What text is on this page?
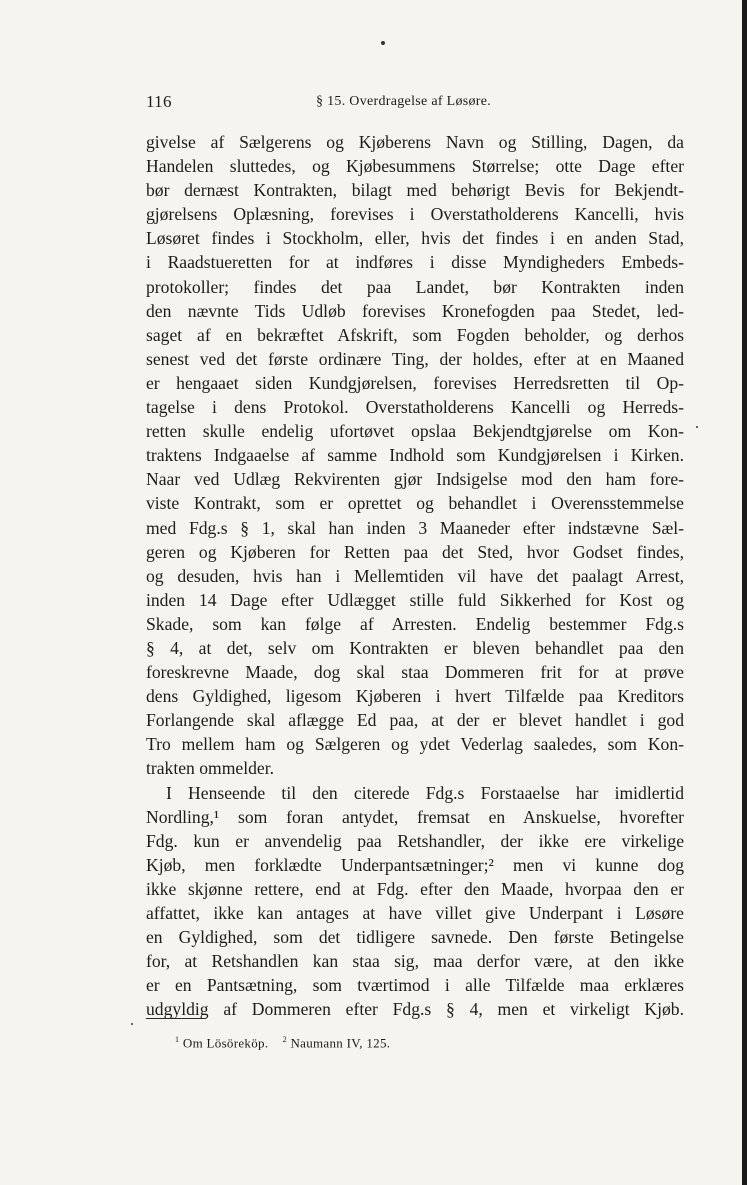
116	§ 15. Overdragelse af Løsøre.
givelse af Sælgerens og Kjøberens Navn og Stilling, Dagen, da
Handelen sluttedes, og Kjøbesummens Størrelse; otte Dage efter
bør dernæst Kontrakten, bilagt med behørigt Bevis for Bekjendt-
gjørelsens Oplæsning, forevises i Overstatholderens Kancelli, hvis
Løsøret findes i Stockholm, eller, hvis det findes i en anden Stad,
i Raadstueretten for at indføres i disse Myndigheders Embeds-
protokoller; findes det paa Landet, bør Kontrakten inden
den nævnte Tids Udløb forevises Kronefogden paa Stedet, led-
saget af en bekræftet Afskrift, som Fogden beholder, og derhos
senest ved det første ordinære Ting, der holdes, efter at en Maaned
er hengaaet siden Kundgjørelsen, forevises Herredsretten til Op-
tagelse i dens Protokol. Overstatholderens Kancelli og Herreds-
retten skulle endelig ufortøvet opslaa Bekjendtgjørelse om Kon-
traktens Indgaaelse af samme Indhold som Kundgjørelsen i Kirken.
Naar ved Udlæg Rekvirenten gjør Indsigelse mod den ham fore-
viste Kontrakt, som er oprettet og behandlet i Overensstemmelse
med Fdg.s § 1, skal han inden 3 Maaneder efter indstævne Sæl-
geren og Kjøberen for Retten paa det Sted, hvor Godset findes,
og desuden, hvis han i Mellemtiden vil have det paalagt Arrest,
inden 14 Dage efter Udlægget stille fuld Sikkerhed for Kost og
Skade, som kan følge af Arresten. Endelig bestemmer Fdg.s
§ 4, at det, selv om Kontrakten er bleven behandlet paa den
foreskrevne Maade, dog skal staa Dommeren frit for at prøve
dens Gyldighed, ligesom Kjøberen i hvert Tilfælde paa Kreditors
Forlangende skal aflægge Ed paa, at der er blevet handlet i god
Tro mellem ham og Sælgeren og ydet Vederlag saaledes, som Kon-
trakten ommelder.
I Henseende til den citerede Fdg.s Forstaaelse har imidlertid
Nordling,¹ som foran antydet, fremsat en Anskuelse, hvorefter
Fdg. kun er anvendelig paa Retshandler, der ikke ere virkelige
Kjøb, men forklædte Underpantsætninger;² men vi kunne dog
ikke skjønne rettere, end at Fdg. efter den Maade, hvorpaa den er
affattet, ikke kan antages at have villet give Underpant i Løsøre
en Gyldighed, som det tidligere savnede. Den første Betingelse
for, at Retshandlen kan staa sig, maa derfor være, at den ikke
er en Pantsætning, som tværtimod i alle Tilfælde maa erklæres
udgyldig af Dommeren efter Fdg.s § 4, men et virkeligt Kjøb.
$^1$ Om Lösöreköp. $^2$ Naumann IV, 125.
